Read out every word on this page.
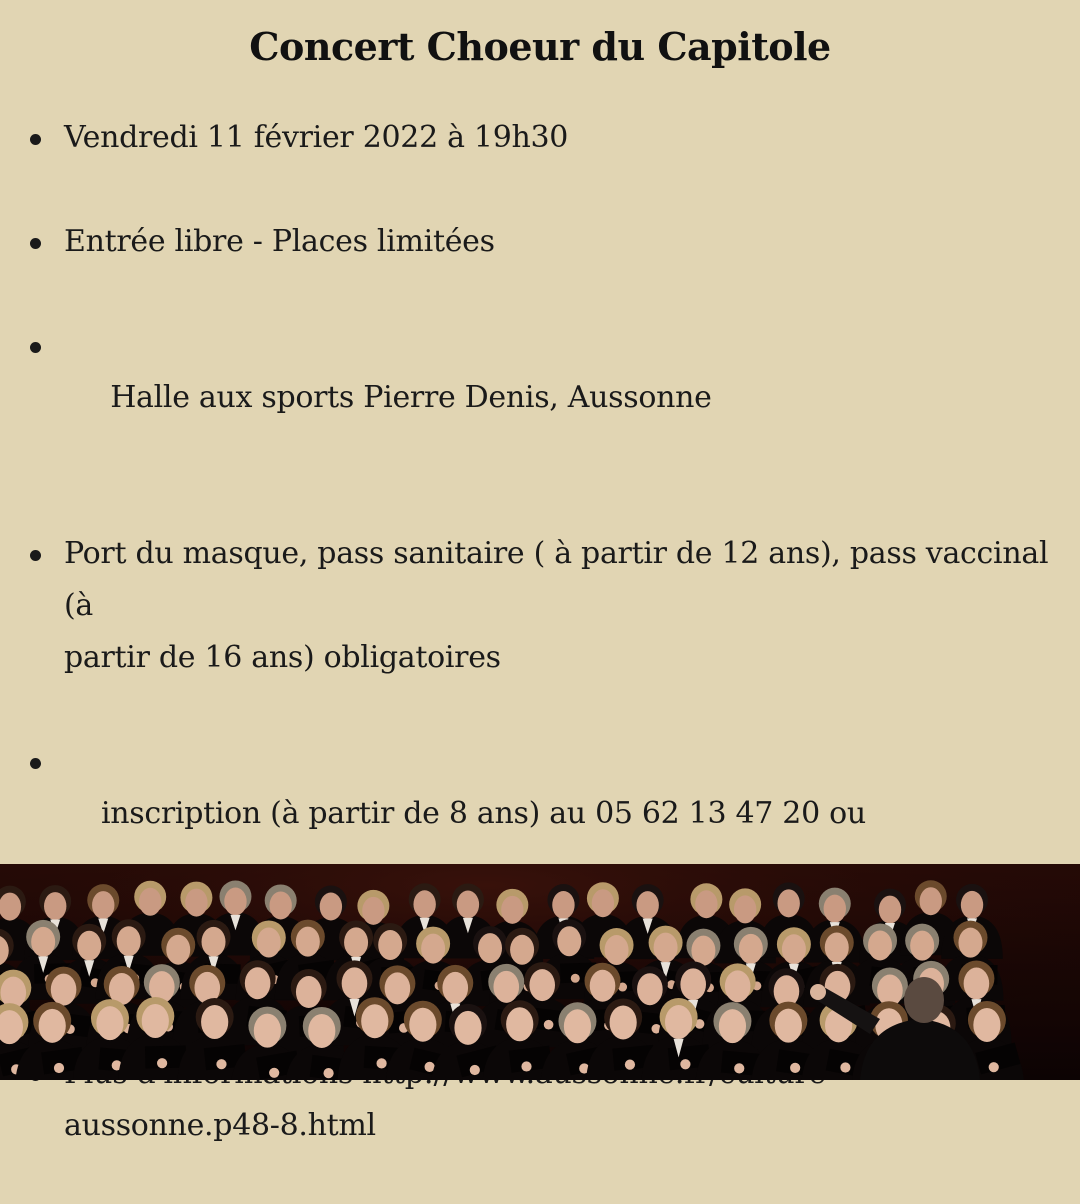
Concert Choeur du Capitole
Vendredi 11 février 2022 à 19h30
Entrée libre - Places limitées

Halle aux sports Pierre Denis, Aussonne

Port du masque, pass sanitaire ( à partir de 12 ans), pass vaccinal (à
partir de 16 ans) obligatoires

inscription (à partir de 8 ans) au 05 62 13 47 20 ou

aussonne.p48-8.html
